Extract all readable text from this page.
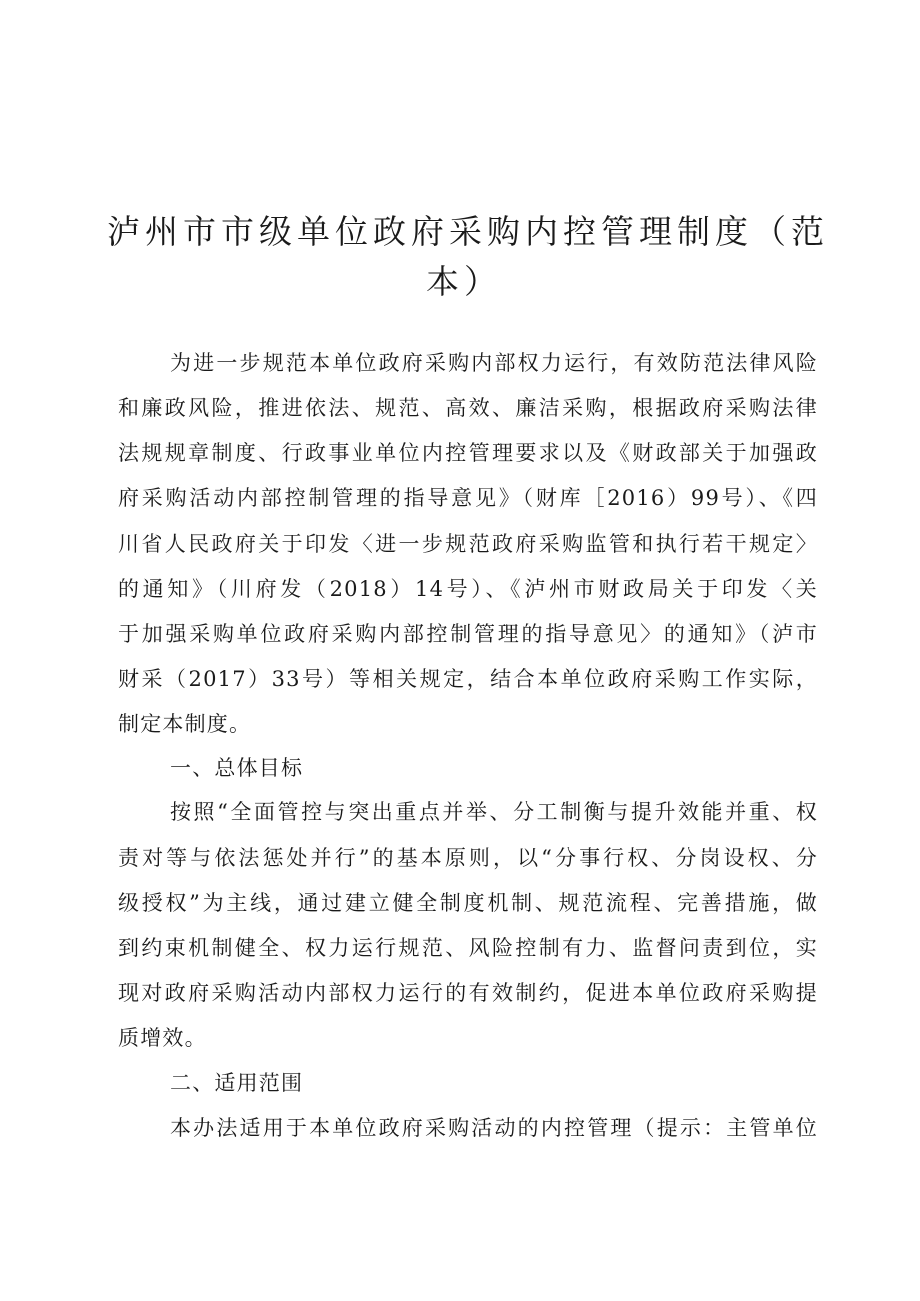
泸州市市级单位政府采购内控管理制度（范
本）
为进一步规范本单位政府采购内部权力运行，有效防范法律风险
和廉政风险，推进依法、规范、高效、廉洁采购，根据政府采购法律
法规规章制度、行政事业单位内控管理要求以及《财政部关于加强政
府采购活动内部控制管理的指导意见》（财库［2016）99号）、《四
川省人民政府关于印发〈进一步规范政府采购监管和执行若干规定〉
的通知》（川府发（2018）14号）、《泸州市财政局关于印发〈关
于加强采购单位政府采购内部控制管理的指导意见〉的通知》（泸市
财采（2017）33号）等相关规定，结合本单位政府采购工作实际，
制定本制度。
一、总体目标
按照“全面管控与突出重点并举、分工制衡与提升效能并重、权
责对等与依法惩处并行”的基本原则，以“分事行权、分岗设权、分
级授权”为主线，通过建立健全制度机制、规范流程、完善措施，做
到约束机制健全、权力运行规范、风险控制有力、监督问责到位，实
现对政府采购活动内部权力运行的有效制约，促进本单位政府采购提
质增效。
二、适用范围
本办法适用于本单位政府采购活动的内控管理（提示：主管单位
